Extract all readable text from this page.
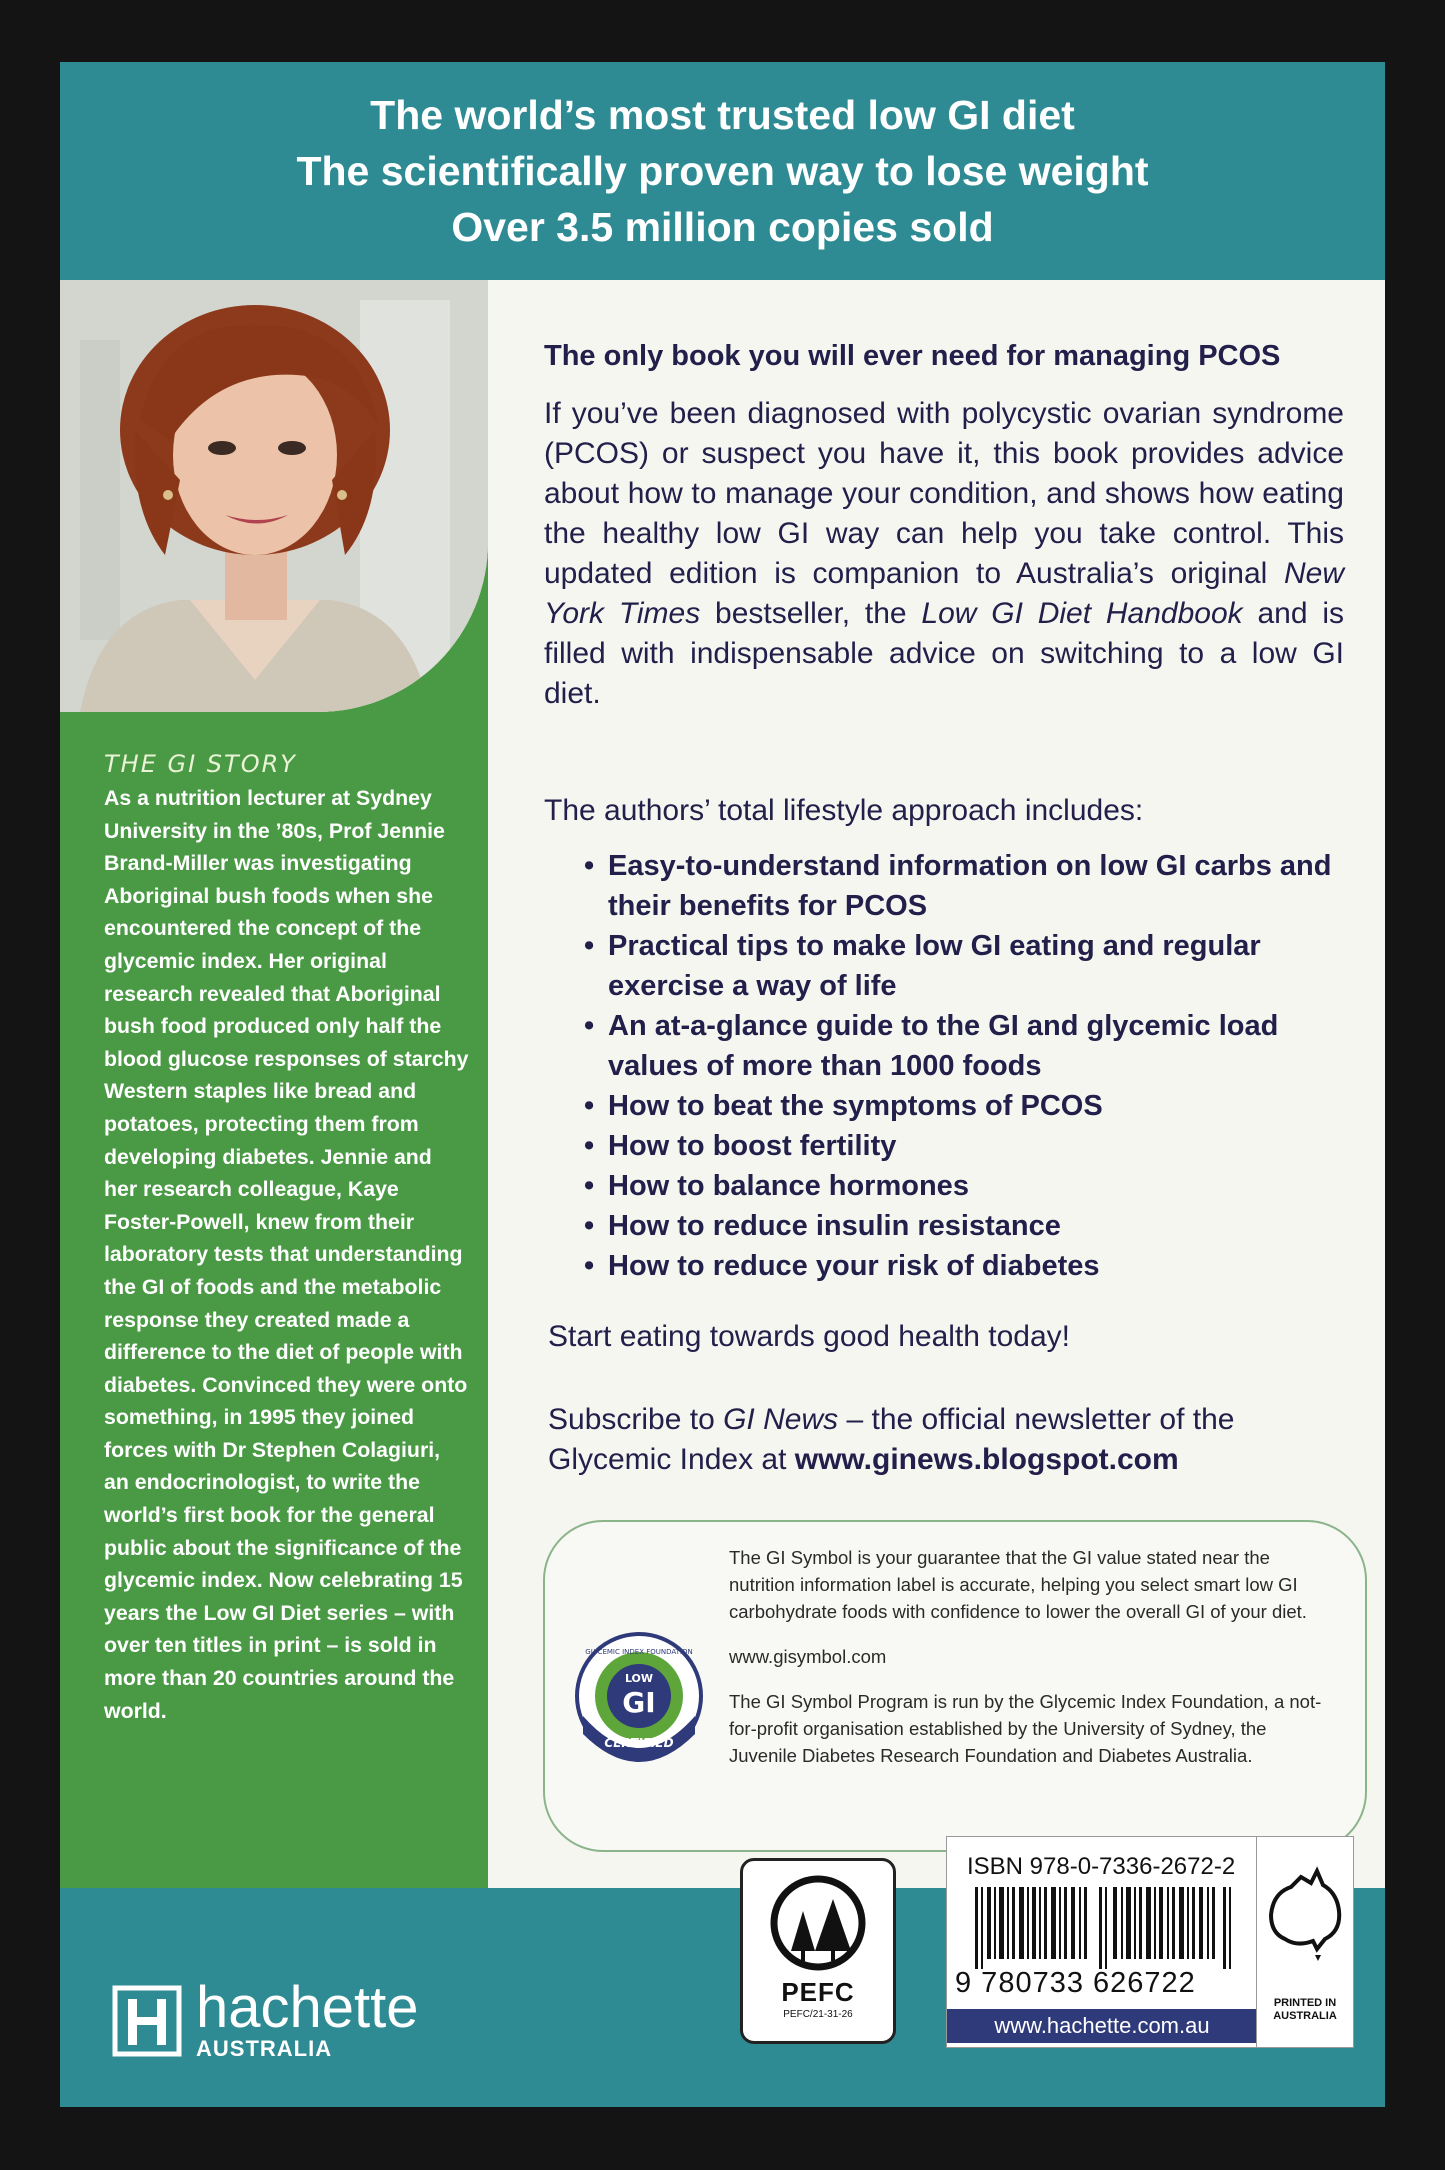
The world’s most trusted low GI diet
The scientifically proven way to lose weight
Over 3.5 million copies sold
THE GI STORY
As a nutrition lecturer at Sydney University in the ’80s, Prof Jennie Brand-Miller was investigating Aboriginal bush foods when she encountered the concept of the glycemic index. Her original research revealed that Aboriginal bush food produced only half the blood glucose responses of starchy Western staples like bread and potatoes, protecting them from developing diabetes. Jennie and her research colleague, Kaye Foster-Powell, knew from their laboratory tests that understanding the GI of foods and the metabolic response they created made a difference to the diet of people with diabetes. Convinced they were onto something, in 1995 they joined forces with Dr Stephen Colagiuri, an endocrinologist, to write the world’s first book for the general public about the significance of the glycemic index. Now celebrating 15 years the Low GI Diet series – with over ten titles in print – is sold in more than 20 countries around the world.
The only book you will ever need for managing PCOS
If you’ve been diagnosed with polycystic ovarian syndrome (PCOS) or suspect you have it, this book provides advice about how to manage your condition, and shows how eating the healthy low GI way can help you take control. This updated edition is companion to Australia’s original New York Times bestseller, the Low GI Diet Handbook and is filled with indispensable advice on switching to a low GI diet.
The authors’ total lifestyle approach includes:
• Easy-to-understand information on low GI carbs and their benefits for PCOS
• Practical tips to make low GI eating and regular exercise a way of life
• An at-a-glance guide to the GI and glycemic load values of more than 1000 foods
• How to beat the symptoms of PCOS
• How to boost fertility
• How to balance hormones
• How to reduce insulin resistance
• How to reduce your risk of diabetes
Start eating towards good health today!
Subscribe to GI News – the official newsletter of the Glycemic Index at www.ginews.blogspot.com
GLYCEMIC INDEX FOUNDATION
LOW
GI
CERTIFIED

The GI Symbol is your guarantee that the GI value stated near the nutrition information label is accurate, helping you select smart low GI carbohydrate foods with confidence to lower the overall GI of your diet.

www.gisymbol.com

The GI Symbol Program is run by the Glycemic Index Foundation, a not-for-profit organisation established by the University of Sydney, the Juvenile Diabetes Research Foundation and Diabetes Australia.

hachette
AUSTRALIA
PEFC
PEFC/21-31-26
ISBN 978-0-7336-2672-2
9 780733 626722
www.hachette.com.au
PRINTED IN AUSTRALIA
